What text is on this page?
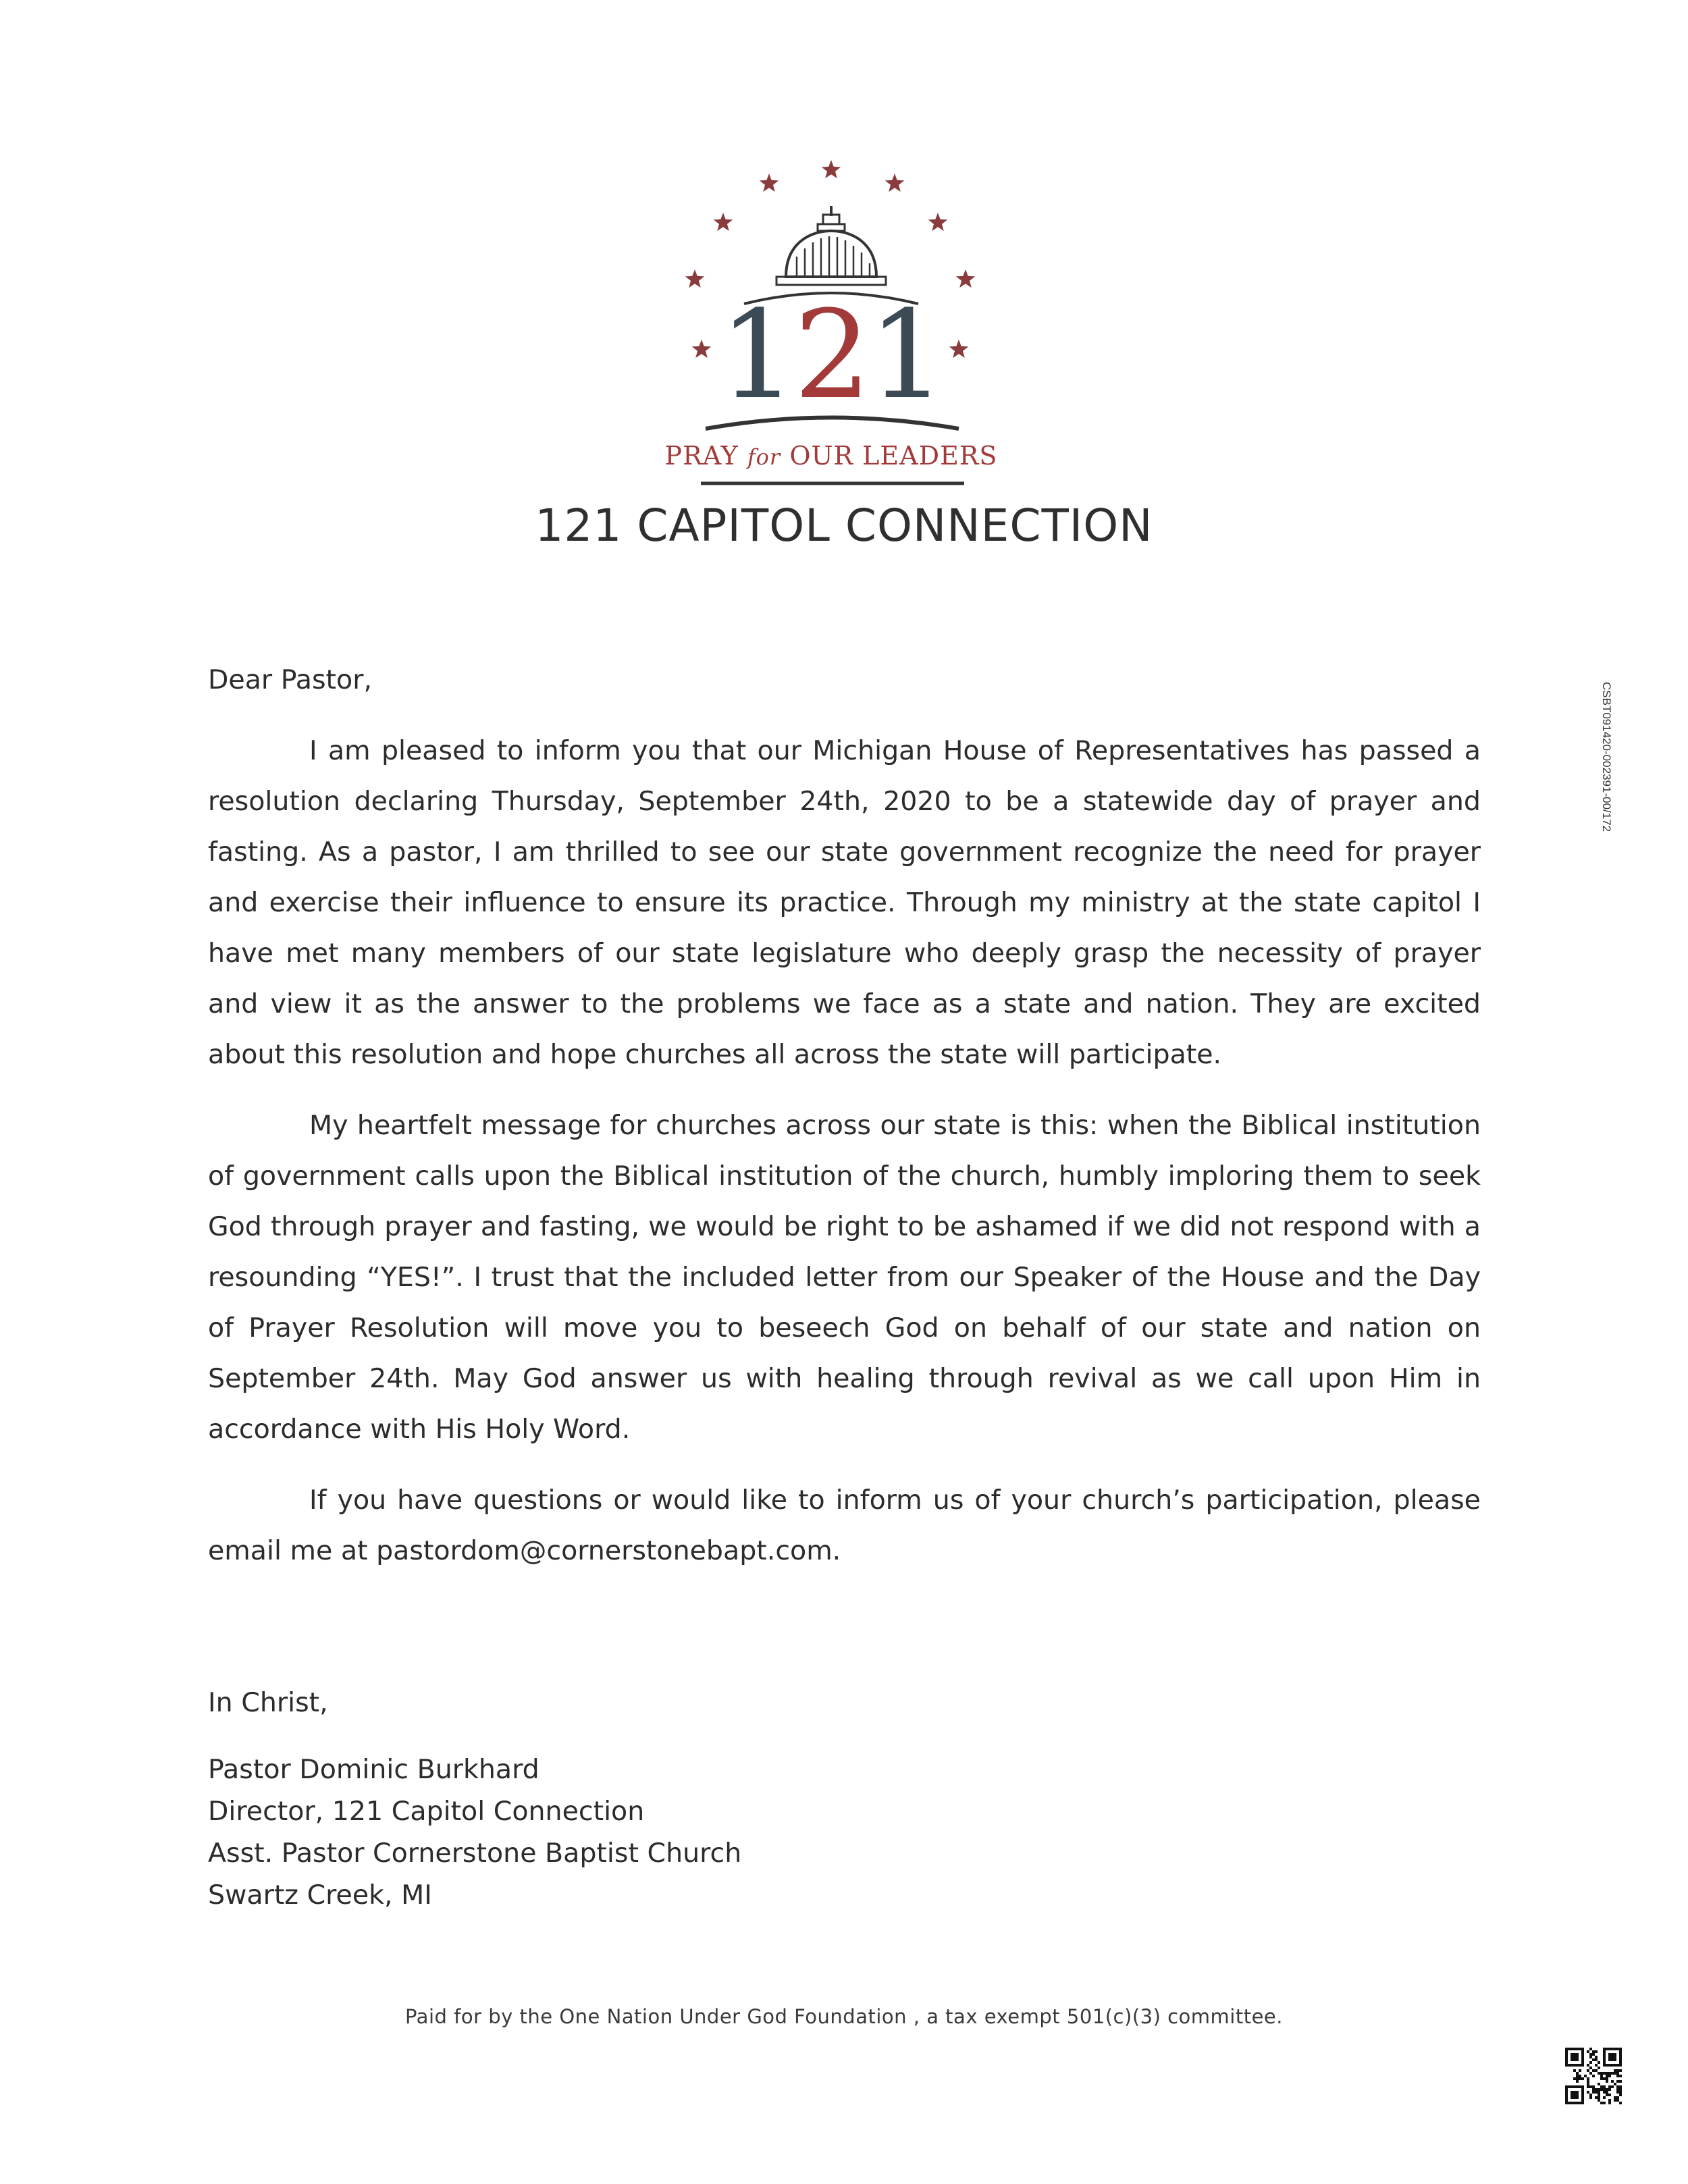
121
PRAY for OUR LEADERS
121 CAPITOL CONNECTION
CSBT091420-002391-00/172

Dear Pastor,

I am pleased to inform you that our Michigan House of Representatives has passed a resolution declaring Thursday, September 24th, 2020 to be a statewide day of prayer and fasting. As a pastor, I am thrilled to see our state government recognize the need for prayer and exercise their influence to ensure its practice. Through my ministry at the state capitol I have met many members of our state legislature who deeply grasp the necessity of prayer and view it as the answer to the problems we face as a state and nation. They are excited about this resolution and hope churches all across the state will participate.

My heartfelt message for churches across our state is this: when the Biblical institution of government calls upon the Biblical institution of the church, humbly imploring them to seek God through prayer and fasting, we would be right to be ashamed if we did not respond with a resounding “YES!”. I trust that the included letter from our Speaker of the House and the Day of Prayer Resolution will move you to beseech God on behalf of our state and nation on September 24th. May God answer us with healing through revival as we call upon Him in accordance with His Holy Word.

If you have questions or would like to inform us of your church’s participation, please email me at pastordom@cornerstonebapt.com.

In Christ,

Pastor Dominic Burkhard

Director, 121 Capitol Connection

Asst. Pastor Cornerstone Baptist Church

Swartz Creek, MI

Paid for by the One Nation Under God Foundation , a tax exempt 501(c)(3) committee.
